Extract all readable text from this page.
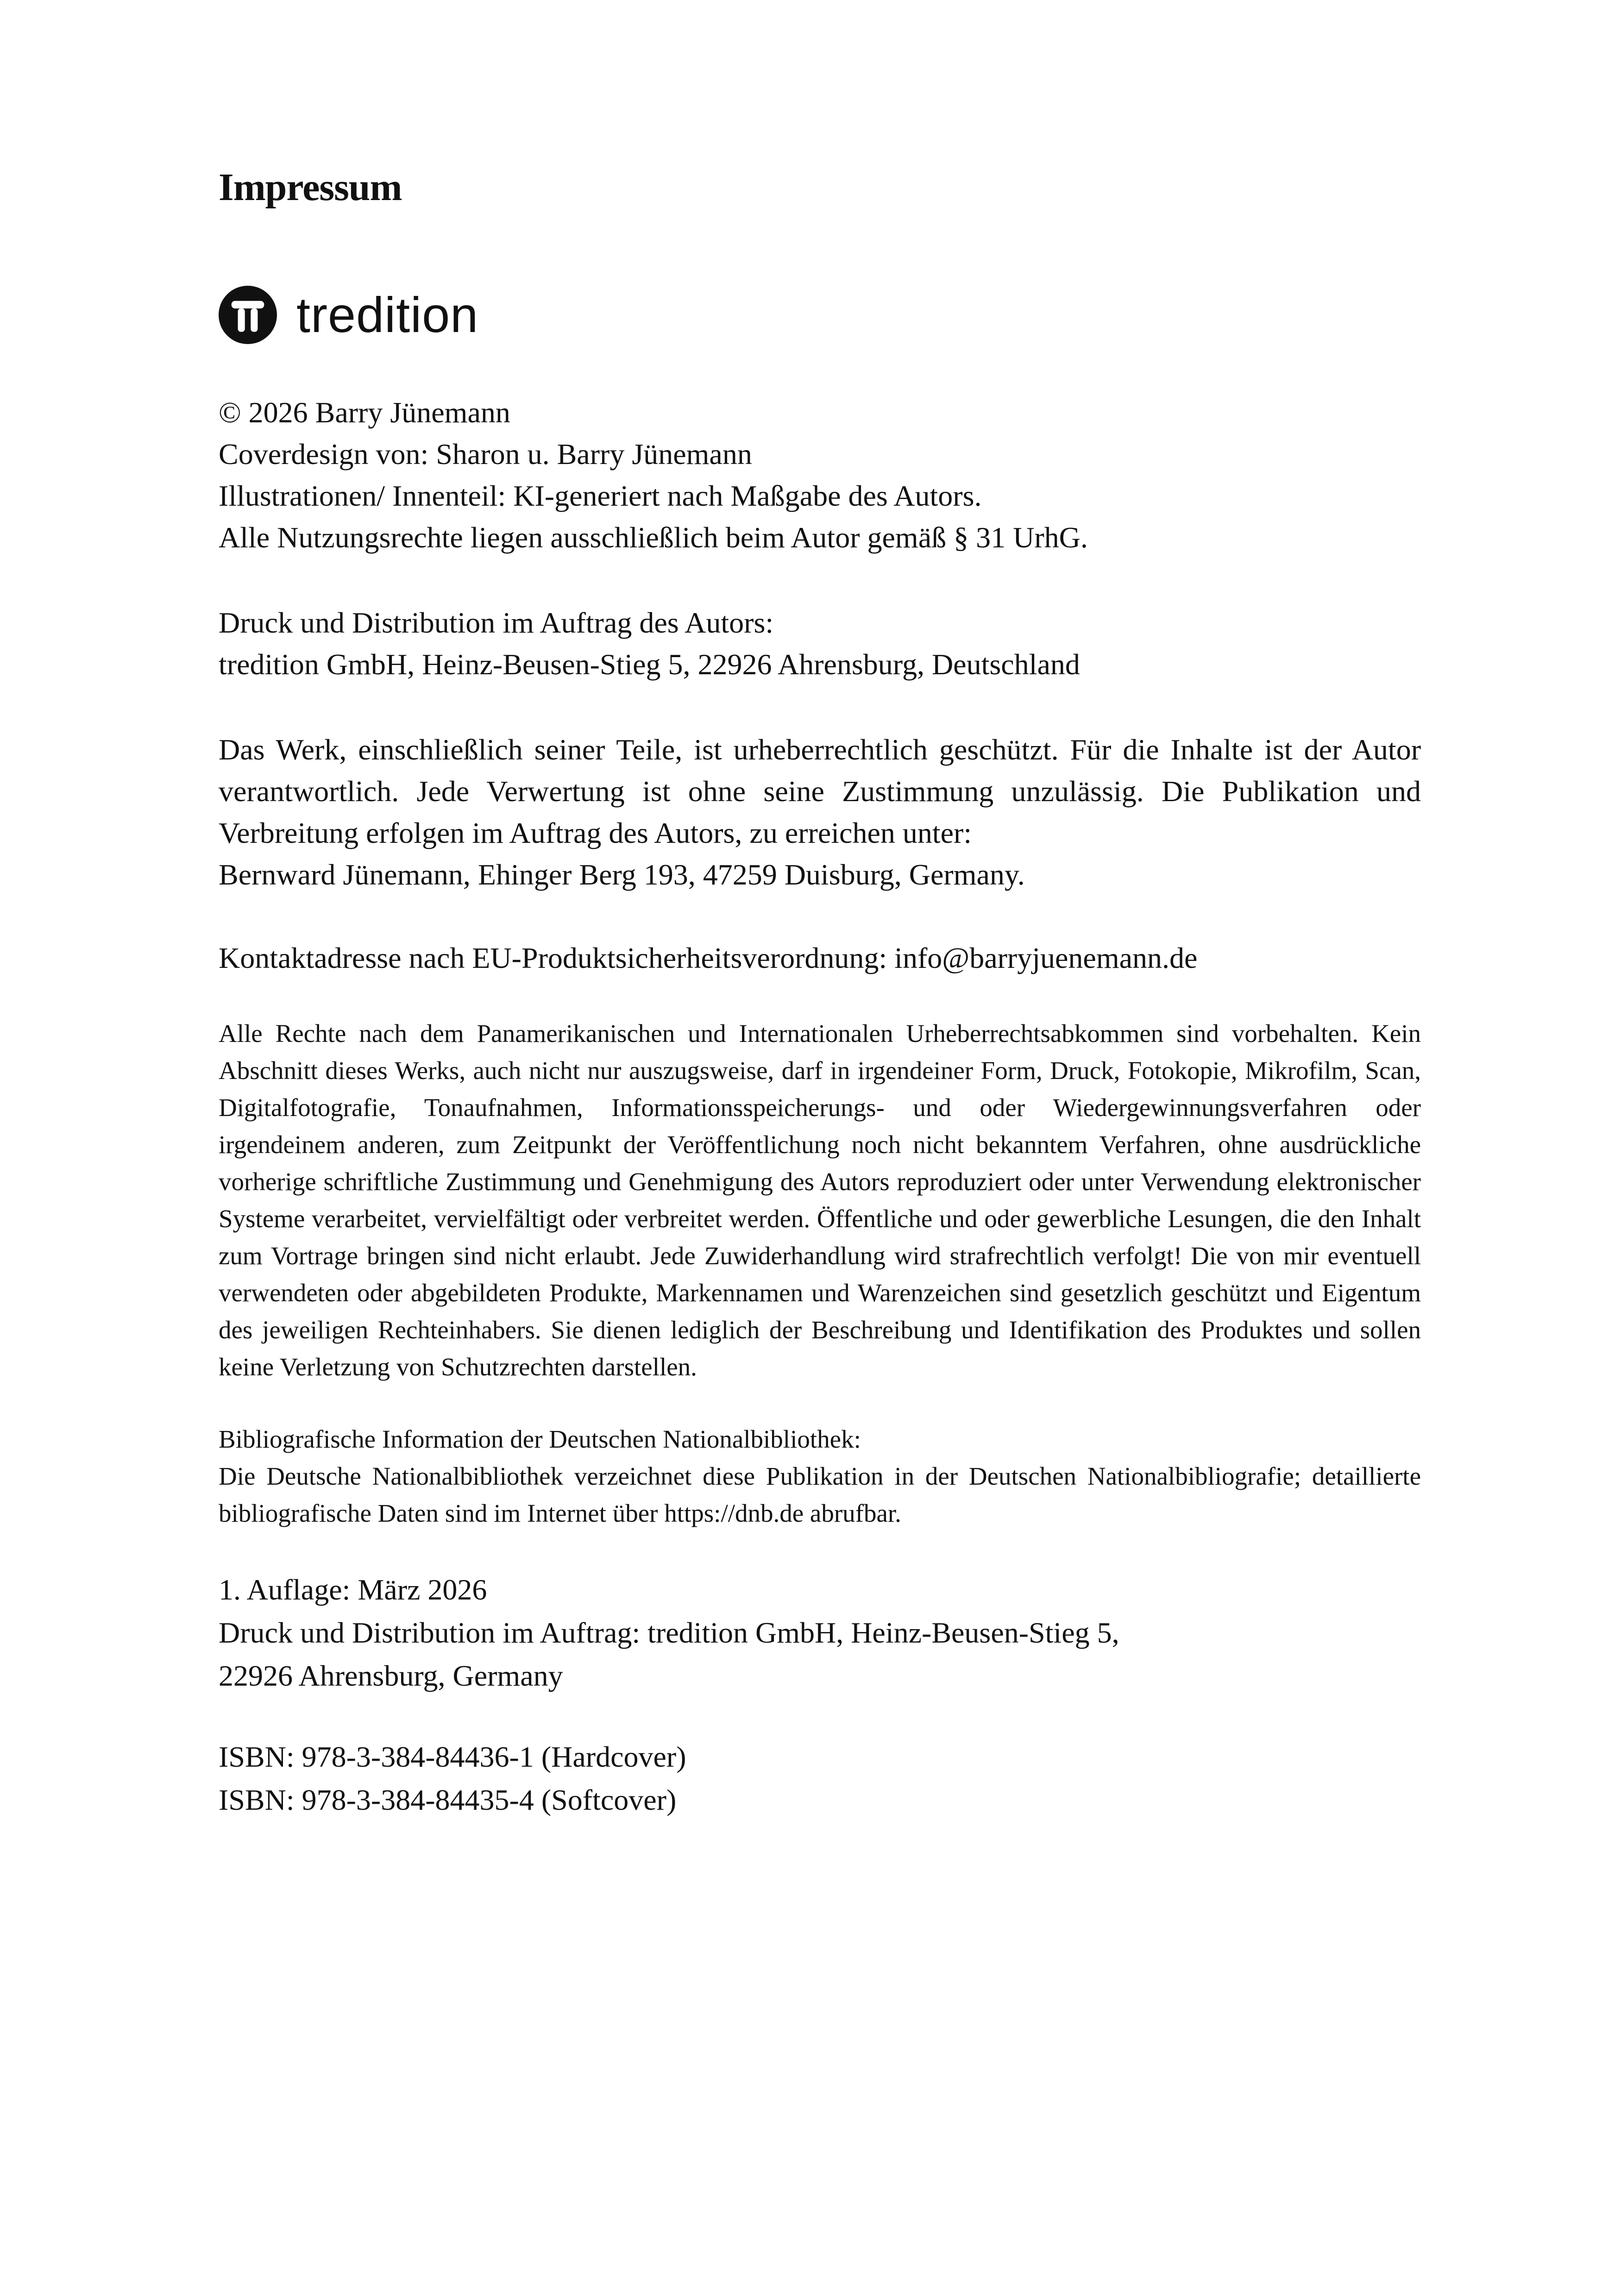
Impressum
tredition

© 2026 Barry Jünemann

Coverdesign von: Sharon u. Barry Jünemann

Illustrationen/ Innenteil: KI-generiert nach Maßgabe des Autors.

Alle Nutzungsrechte liegen ausschließlich beim Autor gemäß § 31 UrhG.

Druck und Distribution im Auftrag des Autors:

tredition GmbH, Heinz-Beusen-Stieg 5, 22926 Ahrensburg, Deutschland

Das Werk, einschließlich seiner Teile, ist urheberrechtlich geschützt. Für die Inhalte ist der Autor verantwortlich. Jede Verwertung ist ohne seine Zustimmung unzulässig. Die Publikation und Verbreitung erfolgen im Auftrag des Autors, zu erreichen unter:

Bernward Jünemann, Ehinger Berg 193, 47259 Duisburg, Germany.

Kontaktadresse nach EU-Produktsicherheitsverordnung: info@barryjuenemann.de

Alle Rechte nach dem Panamerikanischen und Internationalen Urheberrechtsabkommen sind vorbehalten. Kein Abschnitt dieses Werks, auch nicht nur auszugsweise, darf in irgendeiner Form, Druck, Fotokopie, Mikrofilm, Scan, Digitalfotografie, Tonaufnahmen, Informationsspeicherungs- und oder Wiedergewinnungsverfahren oder irgendeinem anderen, zum Zeitpunkt der Veröffentlichung noch nicht bekanntem Verfahren, ohne ausdrückliche vorherige schriftliche Zustimmung und Genehmigung des Autors reproduziert oder unter Verwendung elektronischer Systeme verarbeitet, vervielfältigt oder verbreitet werden. Öffentliche und oder gewerbliche Lesungen, die den Inhalt zum Vortrage bringen sind nicht erlaubt. Jede Zuwiderhandlung wird strafrechtlich verfolgt! Die von mir eventuell verwendeten oder abgebildeten Produkte, Markennamen und Warenzeichen sind gesetzlich geschützt und Eigentum des jeweiligen Rechteinhabers. Sie dienen lediglich der Beschreibung und Identifikation des Produktes und sollen keine Verletzung von Schutzrechten darstellen.

Bibliografische Information der Deutschen Nationalbibliothek:

Die Deutsche Nationalbibliothek verzeichnet diese Publikation in der Deutschen Nationalbibliografie; detaillierte bibliografische Daten sind im Internet über https://dnb.de abrufbar.

1. Auflage: März 2026

Druck und Distribution im Auftrag: tredition GmbH, Heinz-Beusen-Stieg 5,

22926 Ahrensburg, Germany

ISBN: 978-3-384-84436-1 (Hardcover)

ISBN: 978-3-384-84435-4 (Softcover)
